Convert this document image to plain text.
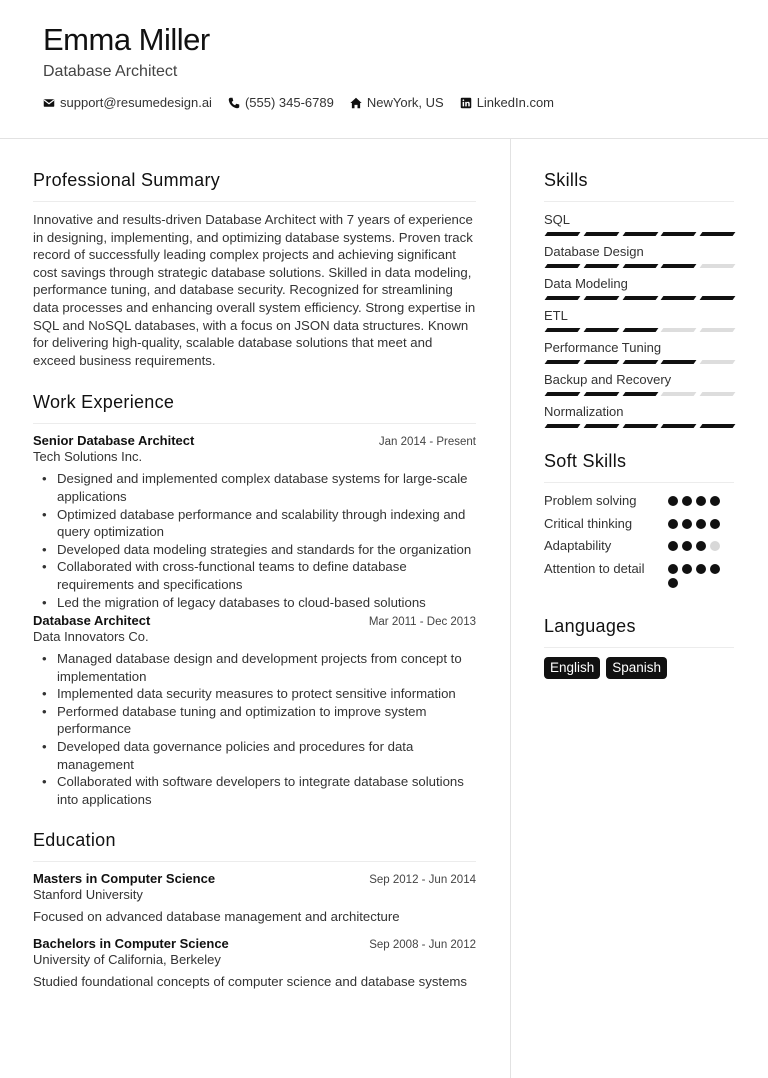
Emma Miller
Database Architect
support@resumedesign.ai	(555) 345-6789	NewYork, US	LinkedIn.com
Professional Summary

Innovative and results-driven Database Architect with 7 years of experience in designing, implementing, and optimizing database systems. Proven track record of successfully leading complex projects and achieving significant cost savings through strategic database solutions. Skilled in data modeling, performance tuning, and database security. Recognized for streamlining data processes and enhancing overall system efficiency. Strong expertise in SQL and NoSQL databases, with a focus on JSON data structures. Known for delivering high-quality, scalable database solutions that meet and exceed business requirements.

Work Experience
Senior Database Architect	Jan 2014 - Present
Tech Solutions Inc.
• Designed and implemented complex database systems for large-scale applications
• Optimized database performance and scalability through indexing and query optimization
• Developed data modeling strategies and standards for the organization
• Collaborated with cross-functional teams to define database requirements and specifications
• Led the migration of legacy databases to cloud-based solutions
Database Architect	Mar 2011 - Dec 2013
Data Innovators Co.
• Managed database design and development projects from concept to implementation
• Implemented data security measures to protect sensitive information
• Performed database tuning and optimization to improve system performance
• Developed data governance policies and procedures for data management
• Collaborated with software developers to integrate database solutions into applications
Education
Masters in Computer Science	Sep 2012 - Jun 2014
Stanford University
Focused on advanced database management and architecture
Bachelors in Computer Science	Sep 2008 - Jun 2012
University of California, Berkeley
Studied foundational concepts of computer science and database systems
Skills
SQL
Database Design
Data Modeling
ETL
Performance Tuning
Backup and Recovery
Normalization
Soft Skills
Problem solving
Critical thinking
Adaptability
Attention to detail
Languages
English	Spanish
